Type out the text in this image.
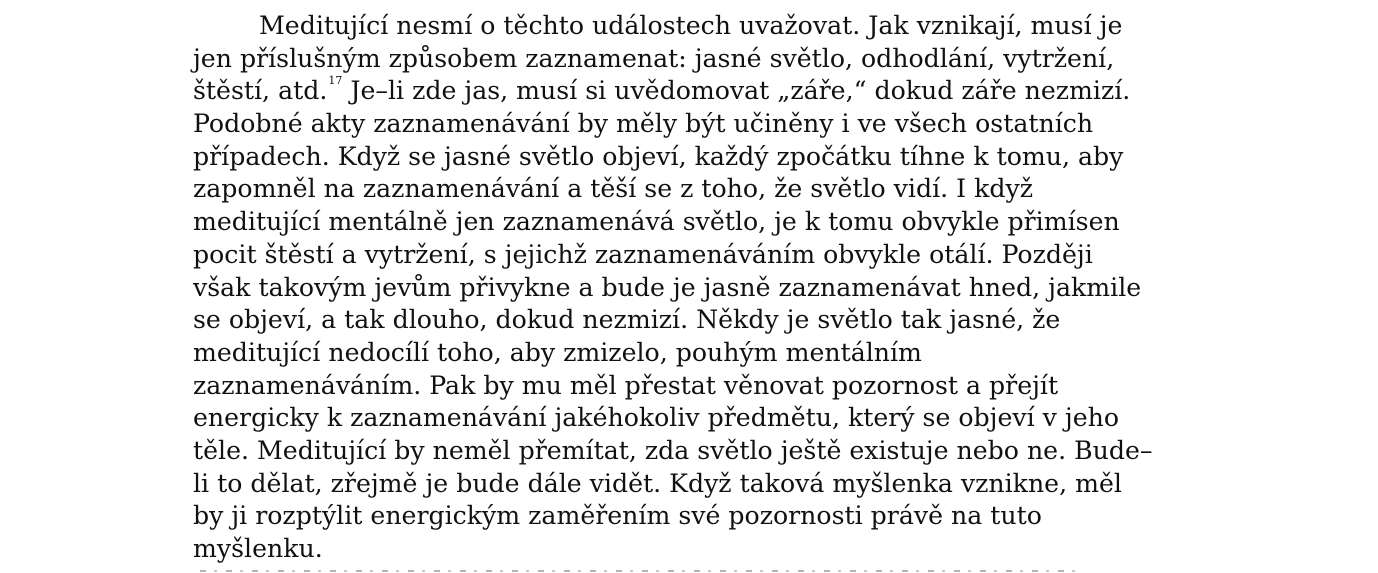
Meditující nesmí o těchto událostech uvažovat. Jak vznikají, musí je
jen příslušným způsobem zaznamenat: jasné světlo, odhodlání, vytržení,
štěstí, atd.$^{17}$ Je–li zde jas, musí si uvědomovat „záře,“ dokud záře nezmizí.
Podobné akty zaznamenávání by měly být učiněny i ve všech ostatních
případech. Když se jasné světlo objeví, každý zpočátku tíhne k tomu, aby
zapomněl na zaznamenávání a těší se z toho, že světlo vidí. I když
meditující mentálně jen zaznamenává světlo, je k tomu obvykle přimísen
pocit štěstí a vytržení, s jejichž zaznamenáváním obvykle otálí. Později
však takovým jevům přivykne a bude je jasně zaznamenávat hned, jakmile
se objeví, a tak dlouho, dokud nezmizí. Někdy je světlo tak jasné, že
meditující nedocílí toho, aby zmizelo, pouhým mentálním
zaznamenáváním. Pak by mu měl přestat věnovat pozornost a přejít
energicky k zaznamenávání jakéhokoliv předmětu, který se objeví v jeho
těle. Meditující by neměl přemítat, zda světlo ještě existuje nebo ne. Bude–
li to dělat, zřejmě je bude dále vidět. Když taková myšlenka vznikne, měl
by ji rozptýlit energickým zaměřením své pozornosti právě na tuto
myšlenku.
